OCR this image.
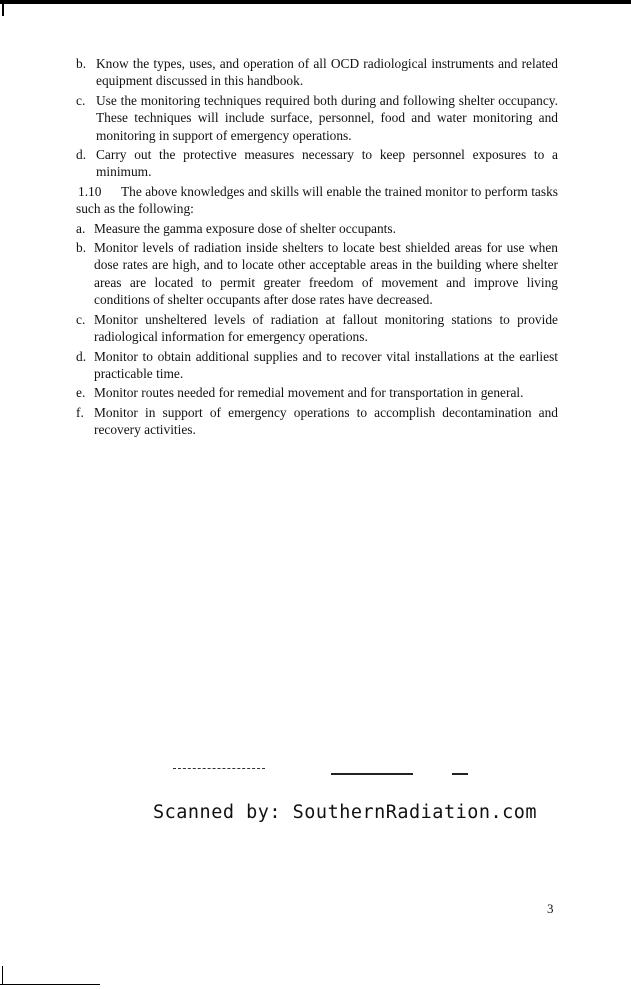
b. Know the types, uses, and operation of all OCD radiological instruments and related equipment discussed in this handbook.
c. Use the monitoring techniques required both during and following shelter occupancy. These techniques will include surface, personnel, food and water monitoring and monitoring in support of emergency operations.
d. Carry out the protective measures necessary to keep personnel exposures to a minimum.

1.10 The above knowledges and skills will enable the trained monitor to perform tasks such as the following:

a. Measure the gamma exposure dose of shelter occupants.
b. Monitor levels of radiation inside shelters to locate best shielded areas for use when dose rates are high, and to locate other acceptable areas in the building where shelter areas are located to permit greater freedom of movement and improve living conditions of shelter occupants after dose rates have decreased.
c. Monitor unsheltered levels of radiation at fallout monitoring stations to provide radiological information for emergency operations.
d. Monitor to obtain additional supplies and to recover vital installations at the earliest practicable time.
e. Monitor routes needed for remedial movement and for transportation in general.
f. Monitor in support of emergency operations to accomplish decontamination and recovery activities.
Scanned by: SouthernRadiation.com
3
